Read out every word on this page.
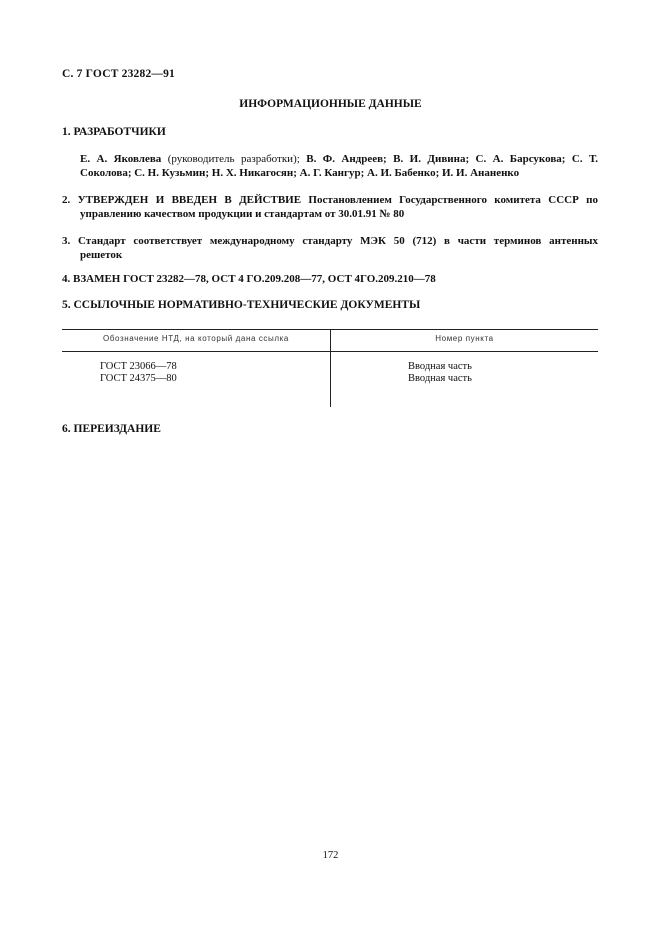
С. 7 ГОСТ 23282—91
ИНФОРМАЦИОННЫЕ ДАННЫЕ
1. РАЗРАБОТЧИКИ
Е. А. Яковлева (руководитель разработки); В. Ф. Андреев; В. И. Дивина; С. А. Барсукова; С. Т.
Соколова; С. Н. Кузьмин; Н. Х. Никагосян; А. Г. Кангур; А. И. Бабенко; И. И. Ананенко
2. УТВЕРЖДЕН И ВВЕДЕН В ДЕЙСТВИЕ Постановлением Государственного комитета СССР по
управлению качеством продукции и стандартам от 30.01.91 № 80
3. Стандарт соответствует международному стандарту МЭК 50 (712) в части терминов антенных
решеток
4. ВЗАМЕН ГОСТ 23282—78, ОСТ 4 ГО.209.208—77, ОСТ 4ГО.209.210—78
5. ССЫЛОЧНЫЕ НОРМАТИВНО-ТЕХНИЧЕСКИЕ ДОКУМЕНТЫ
Обозначение НТД, на который дана ссылка	Номер пункта
ГОСТ 23066—78	Вводная часть
ГОСТ 24375—80	Вводная часть
6. ПЕРЕИЗДАНИЕ
172
